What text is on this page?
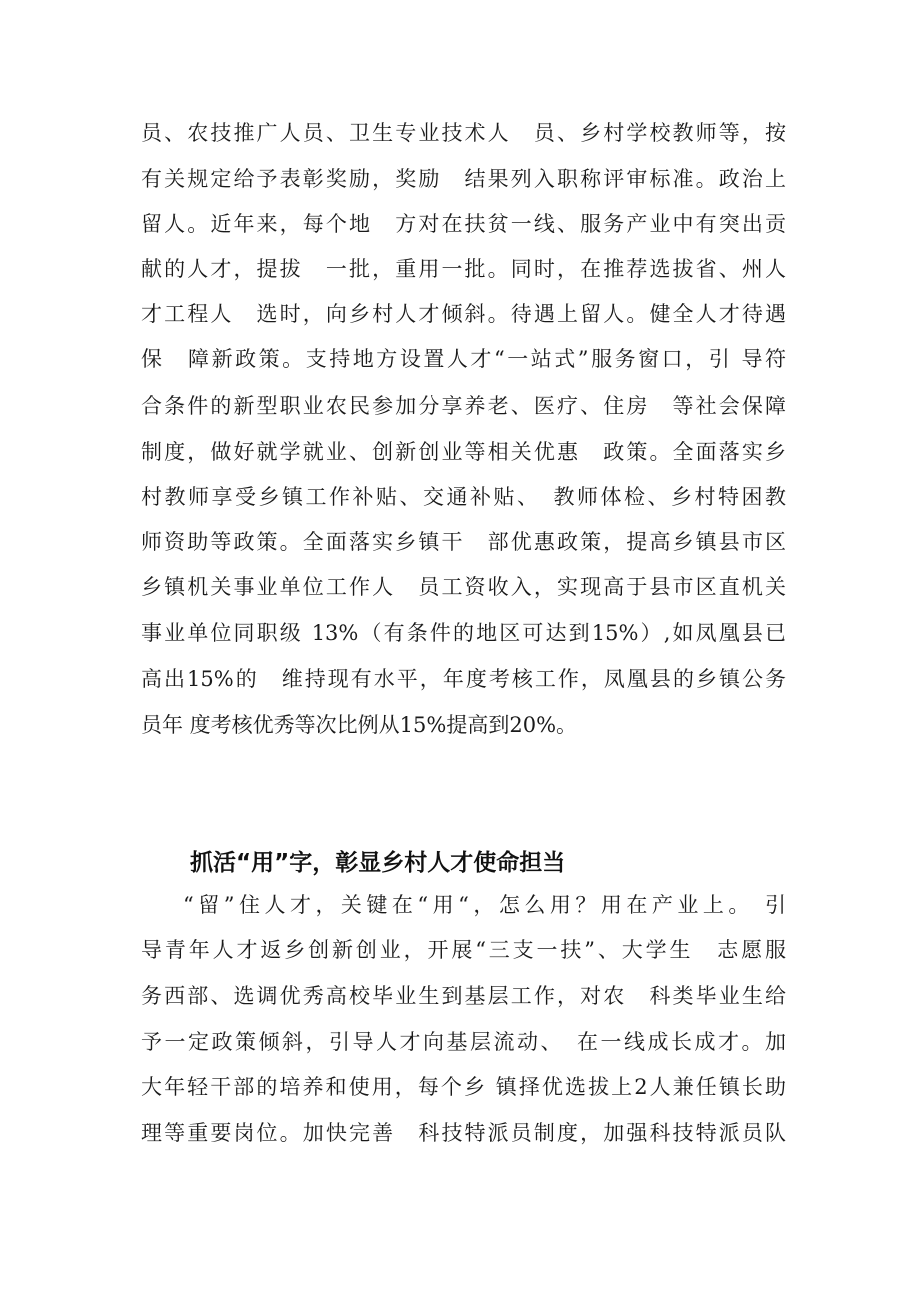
员、农技推广人员、卫生专业技术人　员、乡村学校教师等，按
有关规定给予表彰奖励，奖励　结果列入职称评审标准。政治上
留人。近年来，每个地　方对在扶贫一线、服务产业中有突出贡
献的人才，提拔　一批，重用一批。同时，在推荐选拔省、州人
才工程人　选时，向乡村人才倾斜。待遇上留人。健全人才待遇
保　障新政策。支持地方设置人才“一站式”服务窗口，引 导符
合条件的新型职业农民参加分享养老、医疗、住房　等社会保障
制度，做好就学就业、创新创业等相关优惠　政策。全面落实乡
村教师享受乡镇工作补贴、交通补贴、　教师体检、乡村特困教
师资助等政策。全面落实乡镇干　部优惠政策，提高乡镇县市区
乡镇机关事业单位工作人　员工资收入，实现高于县市区直机关
事业单位同职级 13%（有条件的地区可达到15%）,如凤凰县已
高出15%的　维持现有水平，年度考核工作，凤凰县的乡镇公务
员年 度考核优秀等次比例从15%提高到20%。
抓活“用”字，彰显乡村人才使命担当
“留”住人才，关键在“用“，怎么用？用在产业上。 引
导青年人才返乡创新创业，开展“三支一扶”、大学生　志愿服
务西部、选调优秀高校毕业生到基层工作，对农　科类毕业生给
予一定政策倾斜，引导人才向基层流动、　在一线成长成才。加
大年轻干部的培养和使用，每个乡 镇择优选拔上2人兼任镇长助
理等重要岗位。加快完善　科技特派员制度，加强科技特派员队
